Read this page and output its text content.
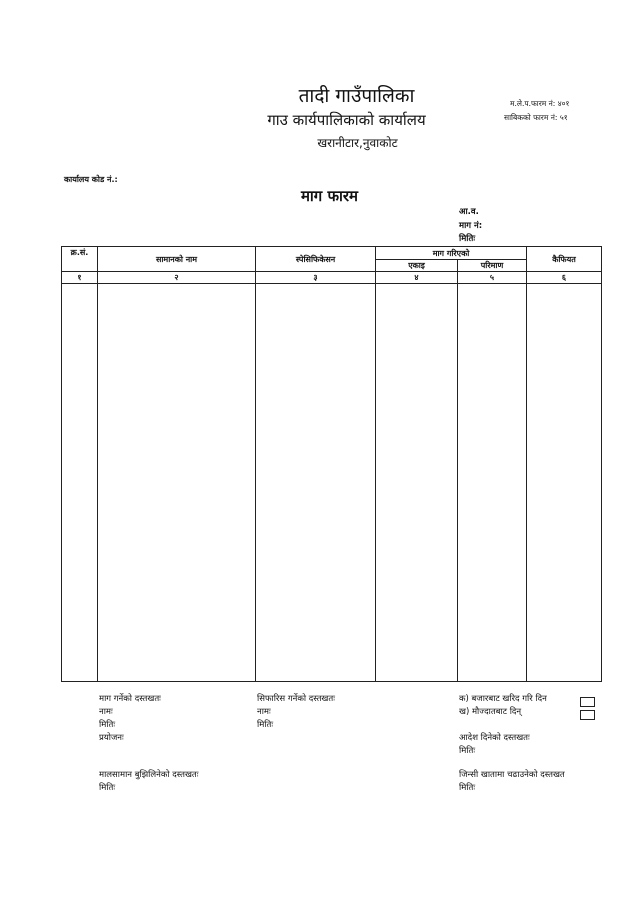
तादी गाउँपालिका
गाउ कार्यपालिकाको कार्यालय
खरानीटार,नुवाकोट
म.ले.प.फारम नं: ४०१
साबिकको फारम नं: ५१
कार्यालय कोड नं.:
माग फारम
आ.व.
माग नं:
मितिः
क्र.सं.	सामानको नाम	स्पेसिफिकेसन	माग गरिएको		कैफियत
			एकाइ	परिमाण	
१	२	३	४	५	६

माग गर्नेको दस्तखतः
नामः
मितिः
प्रयोजनः
सिफारिस गर्नेको दस्तखतः
नामः
मितिः
क) बजारबाट खरिद गरि दिन
ख) मौज्दातबाट दिन्
आदेश दिनेको दस्तखतः
मितिः
मालसामान बुझिलिनेको दस्तखतः
मितिः
जिन्सी खातामा चढाउनेको दस्तखत
मितिः
